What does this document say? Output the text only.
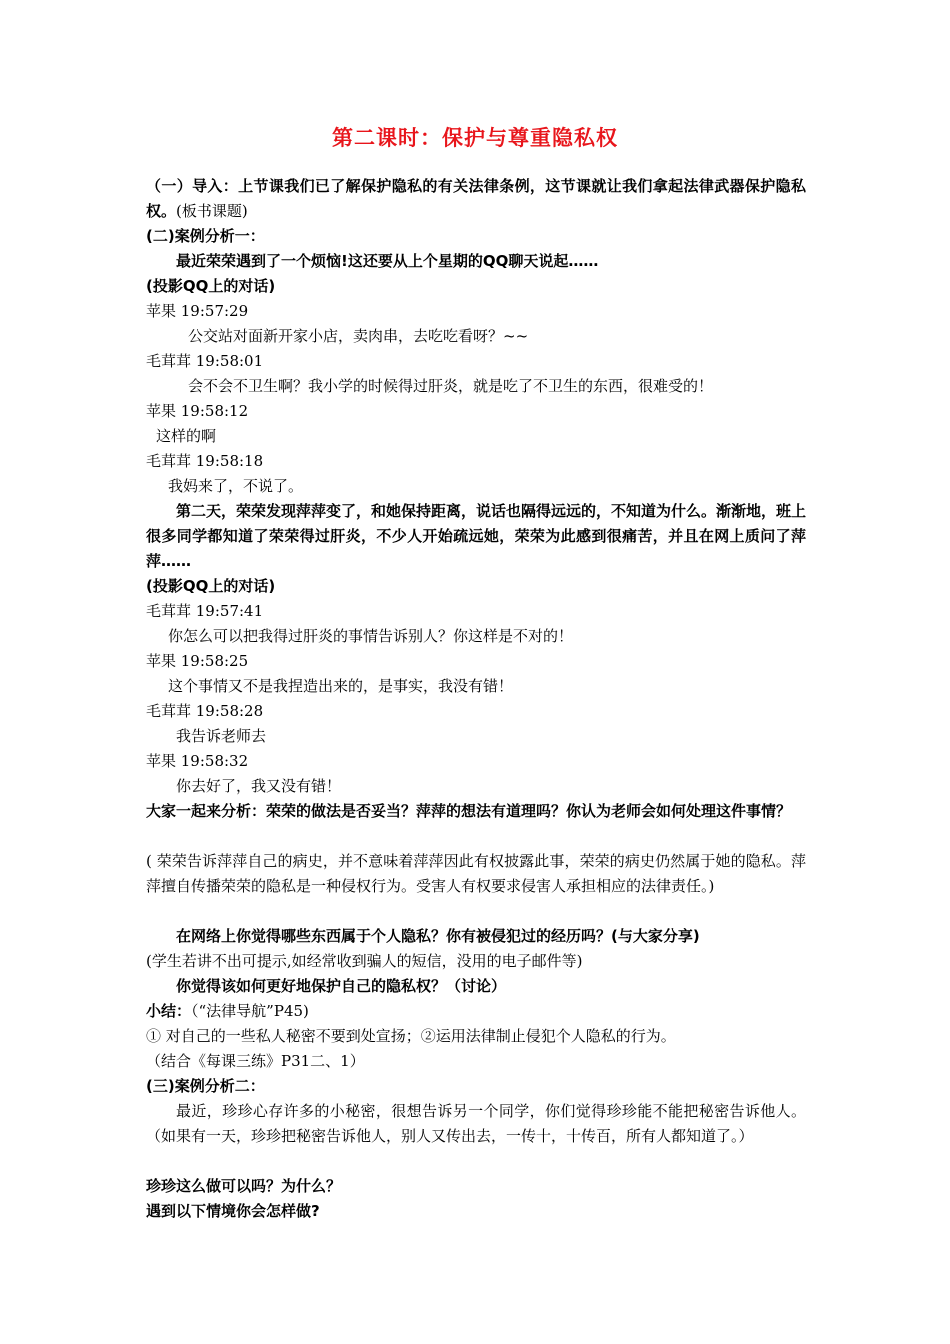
第二课时：保护与尊重隐私权
（一）导入：上节课我们已了解保护隐私的有关法律条例，这节课就让我们拿起法律武器保护隐私权。(板书课题)
(二)案例分析一：
最近荣荣遇到了一个烦恼!这还要从上个星期的QQ聊天说起……
(投影QQ上的对话)
苹果 19:57:29
公交站对面新开家小店，卖肉串，去吃吃看呀？~~
毛茸茸 19:58:01
会不会不卫生啊？我小学的时候得过肝炎，就是吃了不卫生的东西，很难受的！
苹果 19:58:12
这样的啊
毛茸茸 19:58:18
我妈来了，不说了。
第二天，荣荣发现萍萍变了，和她保持距离，说话也隔得远远的，不知道为什么。渐渐地，班上很多同学都知道了荣荣得过肝炎，不少人开始疏远她，荣荣为此感到很痛苦，并且在网上质问了萍萍……
(投影QQ上的对话)
毛茸茸 19:57:41
你怎么可以把我得过肝炎的事情告诉别人？你这样是不对的！
苹果 19:58:25
这个事情又不是我捏造出来的，是事实，我没有错！
毛茸茸 19:58:28
我告诉老师去
苹果 19:58:32
你去好了，我又没有错！
大家一起来分析：荣荣的做法是否妥当？萍萍的想法有道理吗？你认为老师会如何处理这件事情？
( 荣荣告诉萍萍自己的病史，并不意味着萍萍因此有权披露此事，荣荣的病史仍然属于她的隐私。萍萍擅自传播荣荣的隐私是一种侵权行为。受害人有权要求侵害人承担相应的法律责任。)
在网络上你觉得哪些东西属于个人隐私？你有被侵犯过的经历吗？(与大家分享)
(学生若讲不出可提示,如经常收到骗人的短信，没用的电子邮件等)
你觉得该如何更好地保护自己的隐私权？（讨论）
小结：（“法律导航”P45)
① 对自己的一些私人秘密不要到处宣扬；②运用法律制止侵犯个人隐私的行为。
（结合《每课三练》P31二、1）
(三)案例分析二：
最近，珍珍心存许多的小秘密，很想告诉另一个同学，你们觉得珍珍能不能把秘密告诉他人。（如果有一天，珍珍把秘密告诉他人，别人又传出去，一传十，十传百，所有人都知道了。）
珍珍这么做可以吗？为什么？
遇到以下情境你会怎样做?
